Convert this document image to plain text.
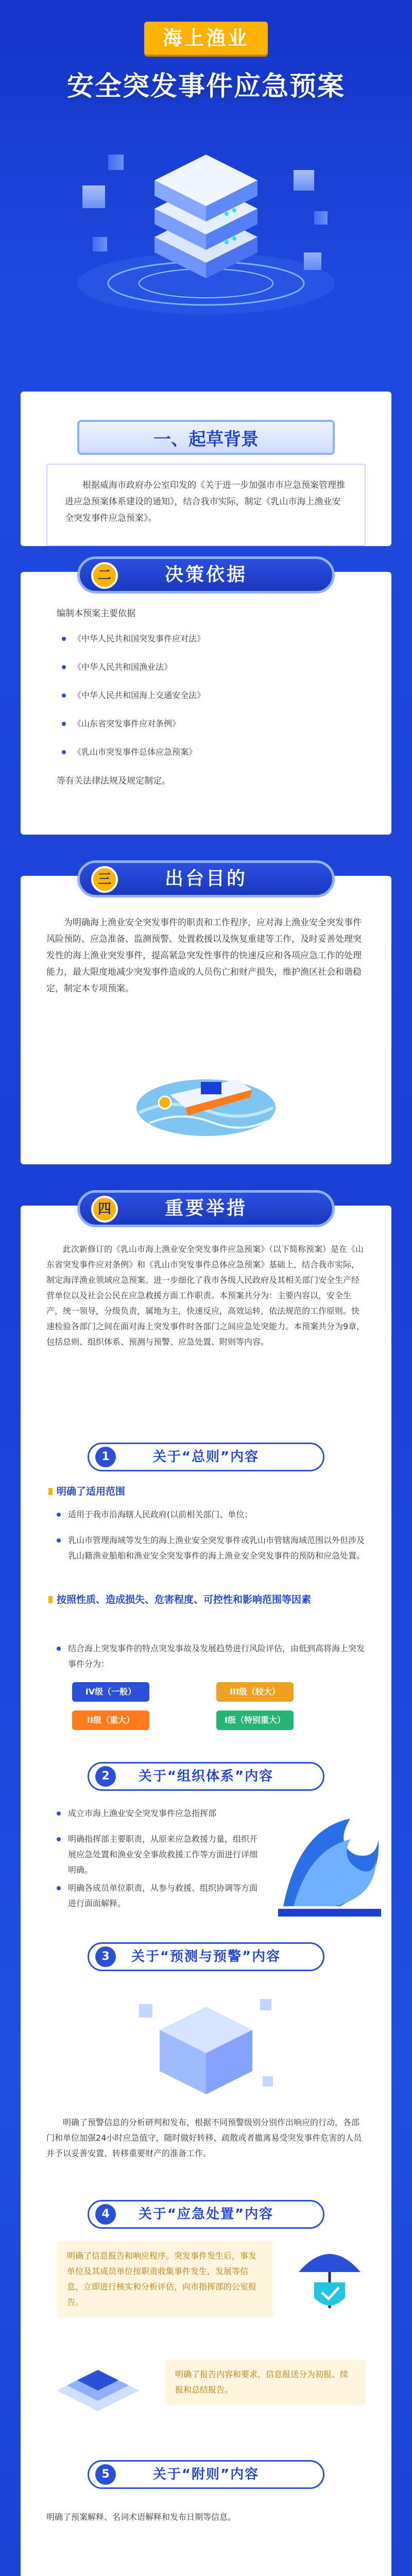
海上渔业
安全突发事件应急预案
一、起草背景
根据威海市政府办公室印发的《关于进一步加强市市应急预案管理推进应急预案体系建设的通知》，结合我市实际，制定《乳山市海上渔业安全突发事件应急预案》。
二	决策依据
编制本预案主要依据
《中华人民共和国突发事件应对法》
《中华人民共和国渔业法》
《中华人民共和国海上交通安全法》
《山东省突发事件应对条例》
《乳山市突发事件总体应急预案》
等有关法律法规及规定制定。
三	出台目的
为明确海上渔业安全突发事件的职责和工作程序，应对海上渔业安全突发事件风险预防、应急准备、监测预警、处置救援以及恢复重建等工作，及时妥善处理突发性的海上渔业突发事件，提高紧急突发性事件的快速反应和各项应急工作的处理能力，最大限度地减少突发事件造成的人员伤亡和财产损失，维护渔区社会和谐稳定，制定本专项预案。
四	重要举措
此次新修订的《乳山市海上渔业安全突发事件应急预案》（以下简称预案）是在《山东省突发事件应对条例》和《乳山市突发事件总体应急预案》基础上，结合我市实际，制定海洋渔业领域应急预案。进一步细化了我市各级人民政府及其相关部门安全生产经营单位以及社会公民在应急救援方面工作职责。本预案共分为：主要内容以，安全生产，统一领导，分级负责，属地为主，快速反应，高效运转，依法规范的工作原则。快速检验各部门之间在面对海上突发事件时各部门之间应急处突能力。本预案共分为9章，包括总则、组织体系、预测与预警、应急处置、附则等内容。
1	关于“总则”内容
明确了适用范围
适用于我市沿海辖人民政府(以前相关部门、单位；
乳山市管理海域等发生的海上渔业安全突发事件或乳山市管辖海域范围以外但涉及乳山籍渔业船舶和渔业安全突发事件的海上渔业安全突发事件的预防和应急处置。
按照性质、造成损失、危害程度、可控性和影响范围等因素
结合海上突发事件的特点突发事故及发展趋势进行风险评估，由低到高将海上突发事件分为：
IV级（一般）	III级（较大）
II级（重大）	I级（特别重大）
2	关于“组织体系”内容
成立市海上渔业安全突发事件应急指挥部
明确指挥部主要职责，从原来应急救援力量，组织开展应急处置和渔业安全事故救援工作等方面进行详细明确。
明确各成员单位职责，从参与救援、组织协调等方面进行面面解释。
3	关于“预测与预警”内容
明确了预警信息的分析研判和发布，根据不同预警级别分别作出响应的行动，各部门和单位加强24小时应急值守，随时做好转移、疏散或者撤离易受突发事件危害的人员并予以妥善安置、转移重要财产的准备工作。
4	关于“应急处置”内容
明确了信息报告和响应程序。突发事件发生后，事发单位及其成员单位按职责收集事件发生，发展等信息，立即进行核实和分析评估，向市指挥部的公室报告。
明确了报告内容和要求，信息报送分为初报、续报和总结报告。
5	关于“附则”内容
明确了预案解释、名词术语解释和发布日期等信息。
